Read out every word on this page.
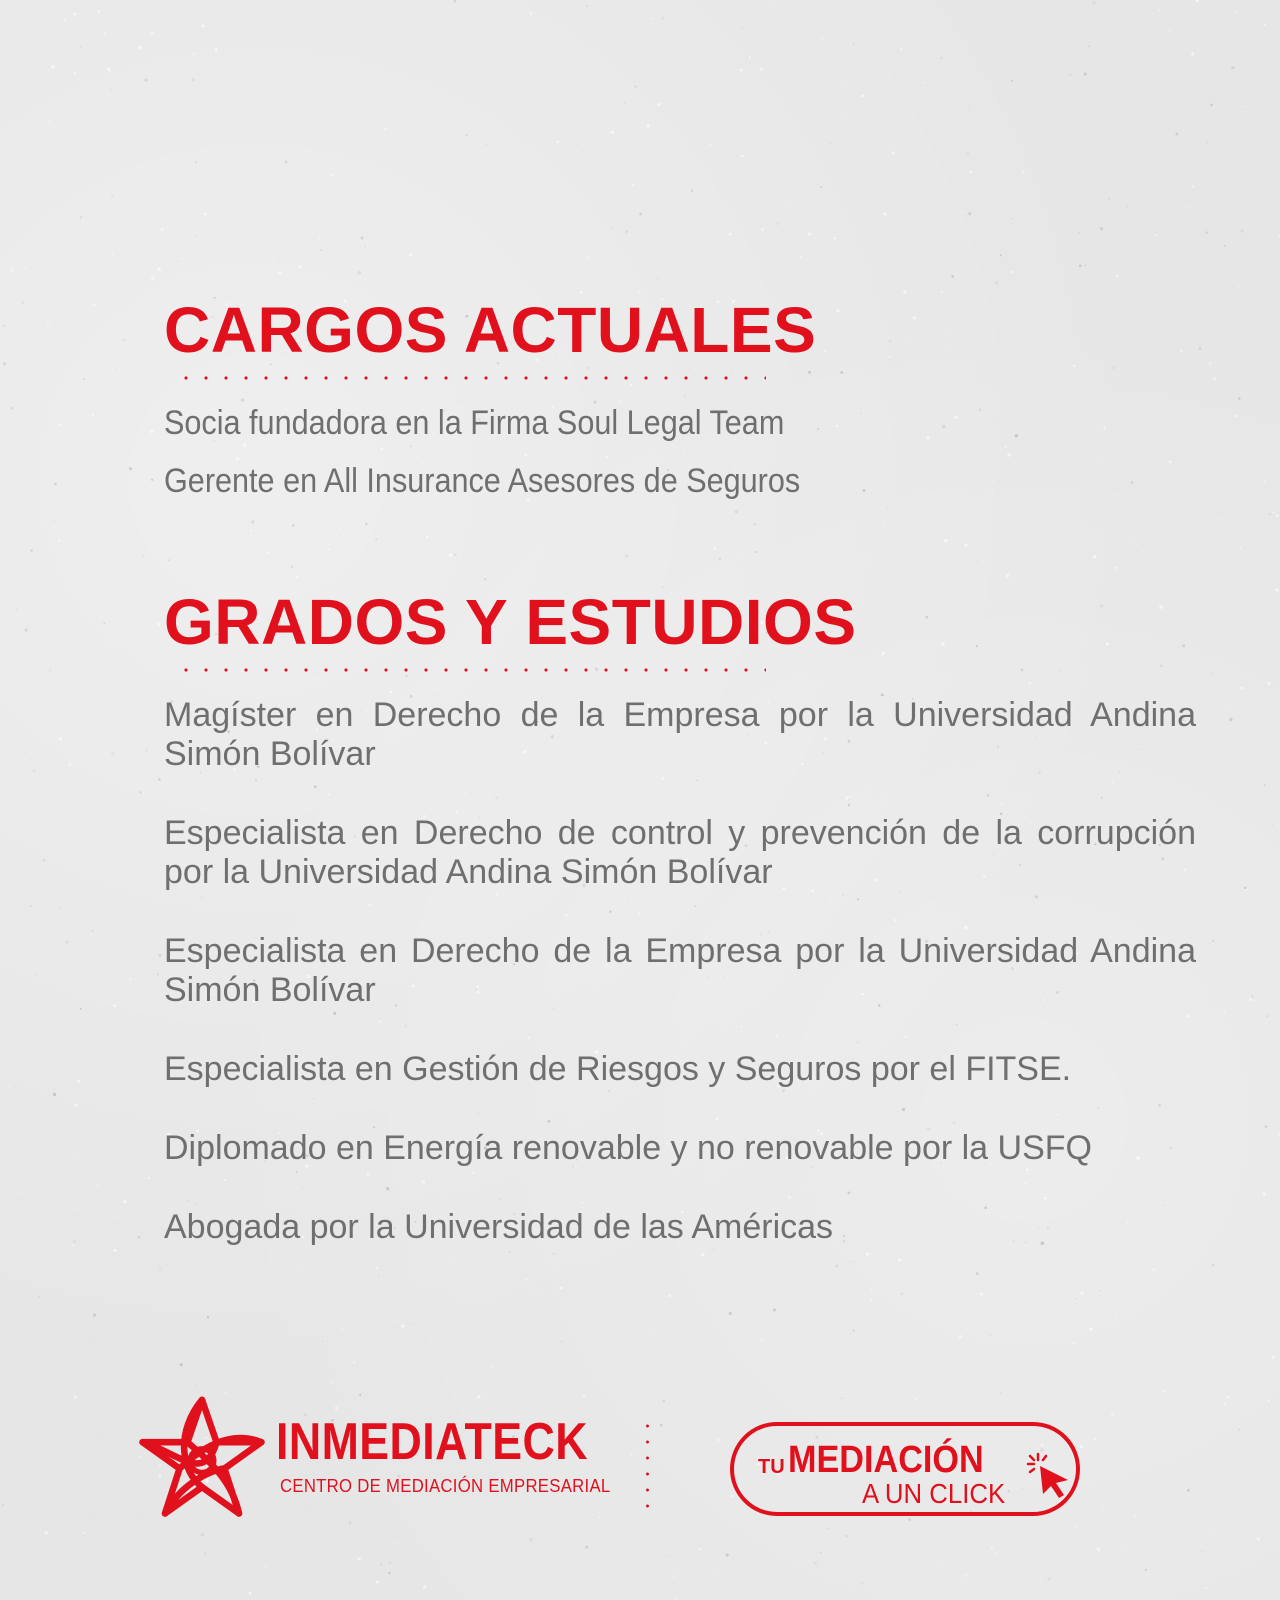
CARGOS ACTUALES
Socia fundadora en la Firma Soul Legal Team
Gerente en All Insurance Asesores de Seguros
GRADOS Y ESTUDIOS
Magíster en Derecho de la Empresa por la Universidad Andina Simón Bolívar
Especialista en Derecho de control y prevención de la corrupción por la Universidad Andina Simón Bolívar
Especialista en Derecho de la Empresa por la Universidad Andina Simón Bolívar
Especialista en Gestión de Riesgos y Seguros por el FITSE.
Diplomado en Energía renovable y no renovable por la USFQ
Abogada por la Universidad de las Américas
INMEDIATECK
CENTRO DE MEDIACIÓN EMPRESARIAL
TU MEDIACIÓN
A UN CLICK
